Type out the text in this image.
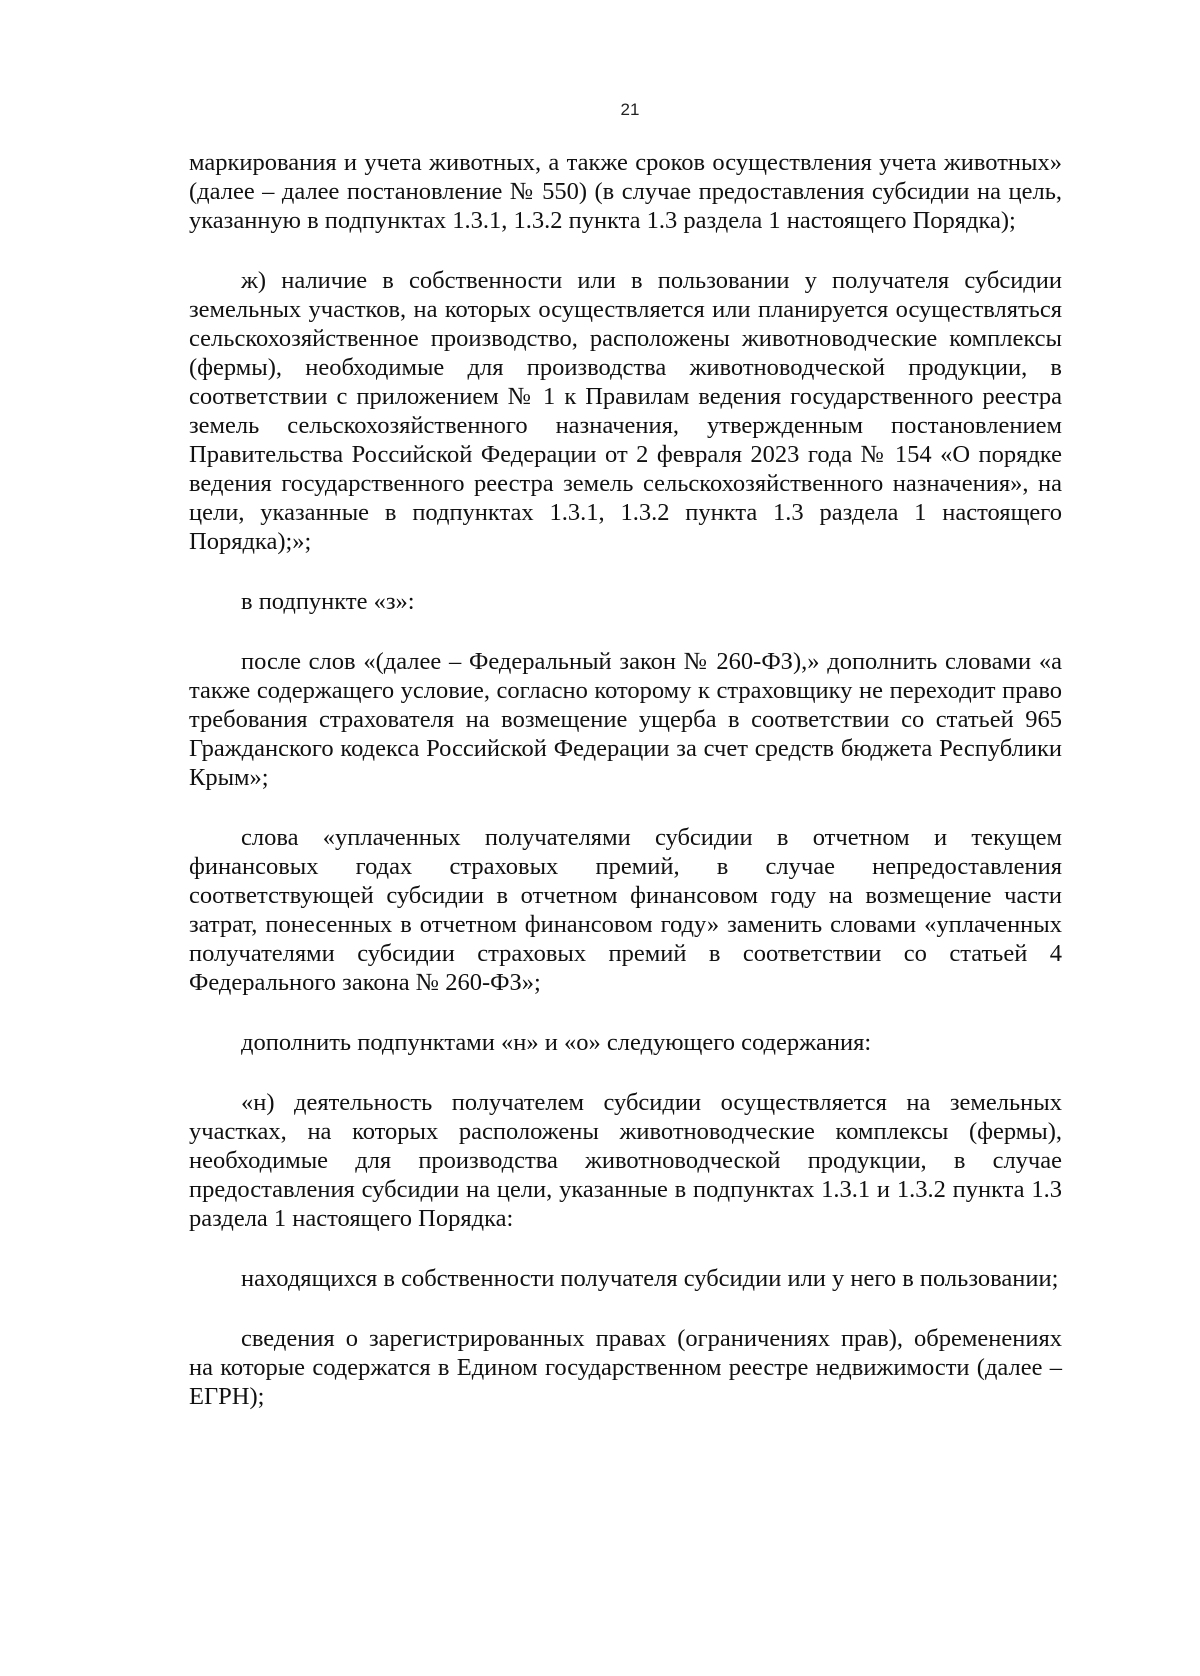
21

маркирования и учета животных, а также сроков осуществления учета животных» (далее – далее постановление № 550) (в случае предоставления субсидии на цель, указанную в подпунктах 1.3.1, 1.3.2 пункта 1.3 раздела 1 настоящего Порядка);

ж) наличие в собственности или в пользовании у получателя субсидии земельных участков, на которых осуществляется или планируется осуществляться сельскохозяйственное производство, расположены животноводческие комплексы (фермы), необходимые для производства животноводческой продукции, в соответствии с приложением № 1 к Правилам ведения государственного реестра земель сельскохозяйственного назначения, утвержденным постановлением Правительства Российской Федерации от 2 февраля 2023 года № 154 «О порядке ведения государственного реестра земель сельскохозяйственного назначения», на цели, указанные в подпунктах 1.3.1, 1.3.2 пункта 1.3 раздела 1 настоящего Порядка);»;

в подпункте «з»:

после слов «(далее – Федеральный закон № 260-ФЗ),» дополнить словами «а также содержащего условие, согласно которому к страховщику не переходит право требования страхователя на возмещение ущерба в соответствии со статьей 965 Гражданского кодекса Российской Федерации за счет средств бюджета Республики Крым»;

слова «уплаченных получателями субсидии в отчетном и текущем финансовых годах страховых премий, в случае непредоставления соответствующей субсидии в отчетном финансовом году на возмещение части затрат, понесенных в отчетном финансовом году» заменить словами «уплаченных получателями субсидии страховых премий в соответствии со статьей 4 Федерального закона № 260-ФЗ»;

дополнить подпунктами «н» и «о» следующего содержания:

«н) деятельность получателем субсидии осуществляется на земельных участках, на которых расположены животноводческие комплексы (фермы), необходимые для производства животноводческой продукции, в случае предоставления субсидии на цели, указанные в подпунктах 1.3.1 и 1.3.2 пункта 1.3 раздела 1 настоящего Порядка:

находящихся в собственности получателя субсидии или у него в пользовании;

сведения о зарегистрированных правах (ограничениях прав), обременениях на которые содержатся в Едином государственном реестре недвижимости (далее – ЕГРН);
